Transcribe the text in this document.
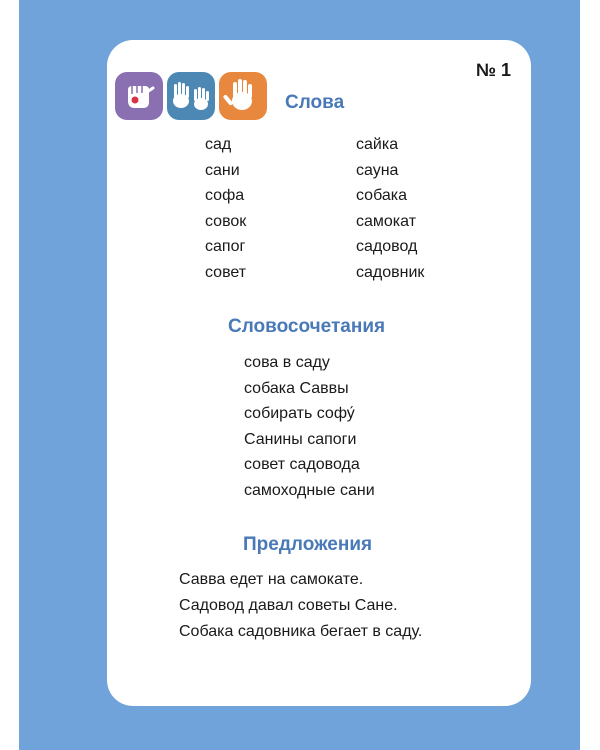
№ 1
Слова
сад
сани
софа
совок
сапог
совет
сайка
сауна
собака
самокат
садовод
садовник
Словосочетания
сова в саду
собака Саввы
собирать софу́
Санины сапоги
совет садовода
самоходные сани
Предложения
Савва едет на самокате.
Садовод давал советы Сане.
Собака садовника бегает в саду.
